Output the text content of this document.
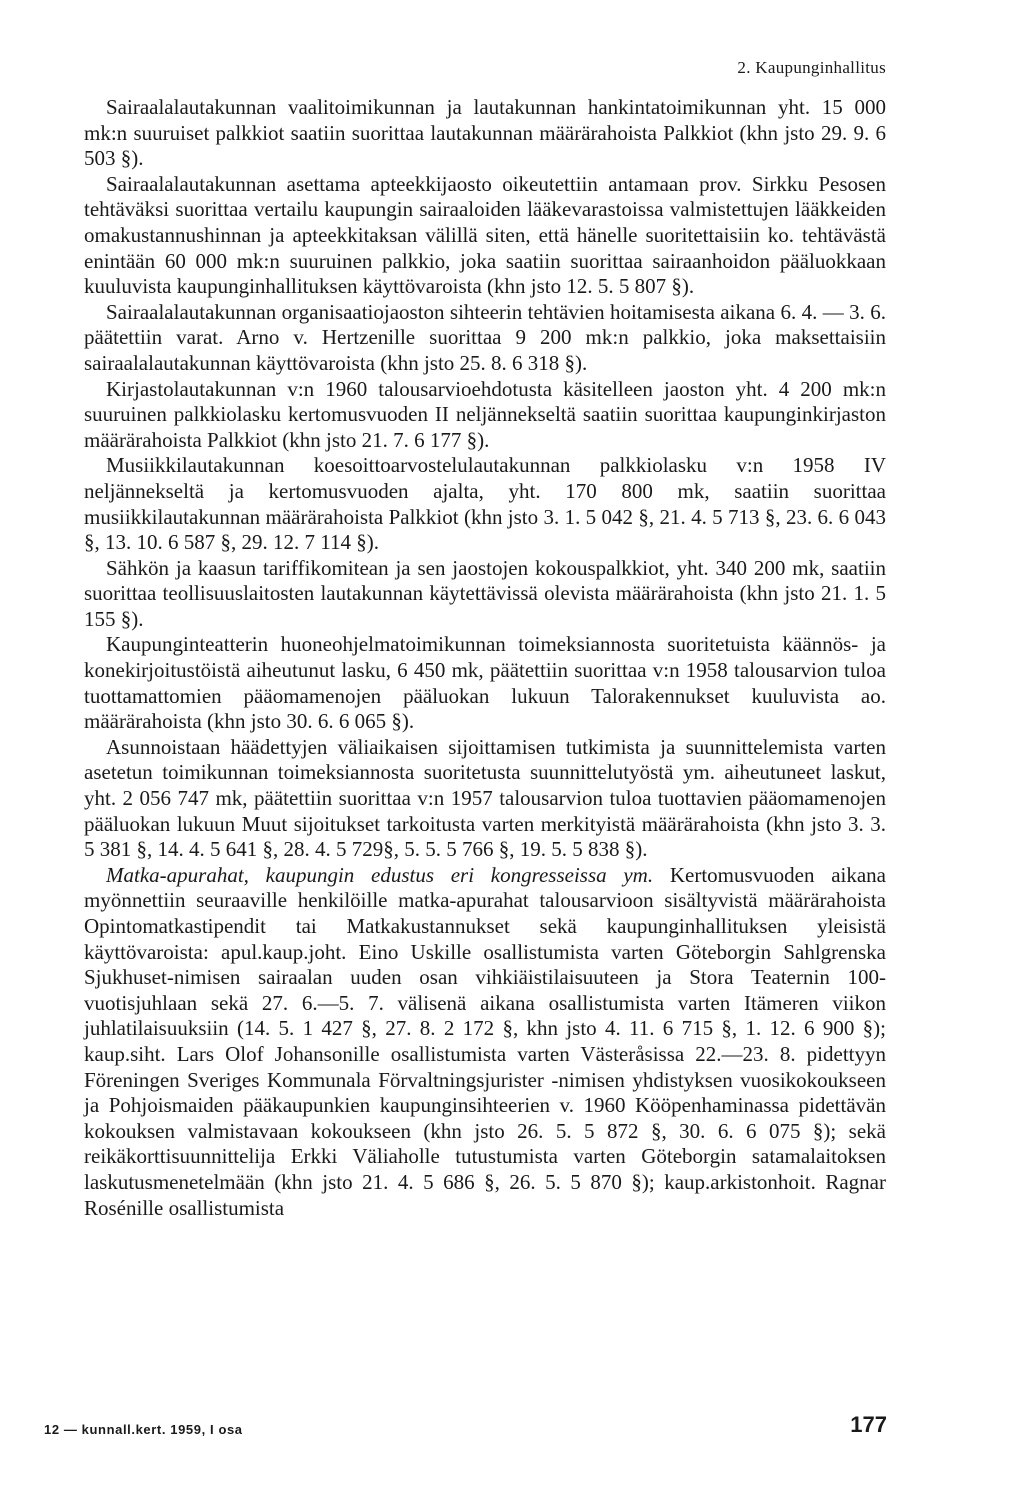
2. Kaupunginhallitus

Sairaalalautakunnan vaalitoimikunnan ja lautakunnan hankintatoimikunnan yht. 15 000 mk:n suuruiset palkkiot saatiin suorittaa lautakunnan määrärahoista Palkkiot (khn jsto 29. 9. 6 503 §).

Sairaalalautakunnan asettama apteekkijaosto oikeutettiin antamaan prov. Sirkku Pesosen tehtäväksi suorittaa vertailu kaupungin sairaaloiden lääkevarastoissa valmistettujen lääkkeiden omakustannushinnan ja apteekkitaksan välillä siten, että hänelle suoritettaisiin ko. tehtävästä enintään 60 000 mk:n suuruinen palkkio, joka saatiin suorittaa sairaanhoidon pääluokkaan kuuluvista kaupunginhallituksen käyttövaroista (khn jsto 12. 5. 5 807 §).

Sairaalalautakunnan organisaatiojaoston sihteerin tehtävien hoitamisesta aikana 6. 4. — 3. 6. päätettiin varat. Arno v. Hertzenille suorittaa 9 200 mk:n palkkio, joka maksettaisiin sairaalalautakunnan käyttövaroista (khn jsto 25. 8. 6 318 §).

Kirjastolautakunnan v:n 1960 talousarvioehdotusta käsitelleen jaoston yht. 4 200 mk:n suuruinen palkkiolasku kertomusvuoden II neljännekseltä saatiin suorittaa kaupunginkirjaston määrärahoista Palkkiot (khn jsto 21. 7. 6 177 §).

Musiikkilautakunnan koesoittoarvostelulautakunnan palkkiolasku v:n 1958 IV neljännekseltä ja kertomusvuoden ajalta, yht. 170 800 mk, saatiin suorittaa musiikkilautakunnan määrärahoista Palkkiot (khn jsto 3. 1. 5 042 §, 21. 4. 5 713 §, 23. 6. 6 043 §, 13. 10. 6 587 §, 29. 12. 7 114 §).

Sähkön ja kaasun tariffikomitean ja sen jaostojen kokouspalkkiot, yht. 340 200 mk, saatiin suorittaa teollisuuslaitosten lautakunnan käytettävissä olevista määrärahoista (khn jsto 21. 1. 5 155 §).

Kaupunginteatterin huoneohjelmatoimikunnan toimeksiannosta suoritetuista käännös- ja konekirjoitustöistä aiheutunut lasku, 6 450 mk, päätettiin suorittaa v:n 1958 talousarvion tuloa tuottamattomien pääomamenojen pääluokan lukuun Talorakennukset kuuluvista ao. määrärahoista (khn jsto 30. 6. 6 065 §).

Asunnoistaan häädettyjen väliaikaisen sijoittamisen tutkimista ja suunnittelemista varten asetetun toimikunnan toimeksiannosta suoritetusta suunnittelutyöstä ym. aiheutuneet laskut, yht. 2 056 747 mk, päätettiin suorittaa v:n 1957 talousarvion tuloa tuottavien pääomamenojen pääluokan lukuun Muut sijoitukset tarkoitusta varten merkityistä määrärahoista (khn jsto 3. 3. 5 381 §, 14. 4. 5 641 §, 28. 4. 5 729§, 5. 5. 5 766 §, 19. 5. 5 838 §).

Matka-apurahat, kaupungin edustus eri kongresseissa ym. Kertomusvuoden aikana myönnettiin seuraaville henkilöille matka-apurahat talousarvioon sisältyvistä määrärahoista Opintomatkastipendit tai Matkakustannukset sekä kaupunginhallituksen yleisistä käyttövaroista: apul.kaup.joht. Eino Uskille osallistumista varten Göteborgin Sahlgrenska Sjukhuset-nimisen sairaalan uuden osan vihkiäistilaisuuteen ja Stora Teaternin 100-vuotisjuhlaan sekä 27. 6.—5. 7. välisenä aikana osallistumista varten Itämeren viikon juhlatilaisuuksiin (14. 5. 1 427 §, 27. 8. 2 172 §, khn jsto 4. 11. 6 715 §, 1. 12. 6 900 §); kaup.siht. Lars Olof Johansonille osallistumista varten Västeråsissa 22.—23. 8. pidettyyn Föreningen Sveriges Kommunala Förvaltningsjurister -nimisen yhdistyksen vuosikokoukseen ja Pohjoismaiden pääkaupunkien kaupunginsihteerien v. 1960 Kööpenhaminassa pidettävän kokouksen valmistavaan kokoukseen (khn jsto 26. 5. 5 872 §, 30. 6. 6 075 §); sekä reikäkorttisuunnittelija Erkki Väliaholle tutustumista varten Göteborgin satamalaitoksen laskutusmenetelmään (khn jsto 21. 4. 5 686 §, 26. 5. 5 870 §); kaup.arkistonhoit. Ragnar Rosénille osallistumista

12 — kunnall.kert. 1959, I osa	177
